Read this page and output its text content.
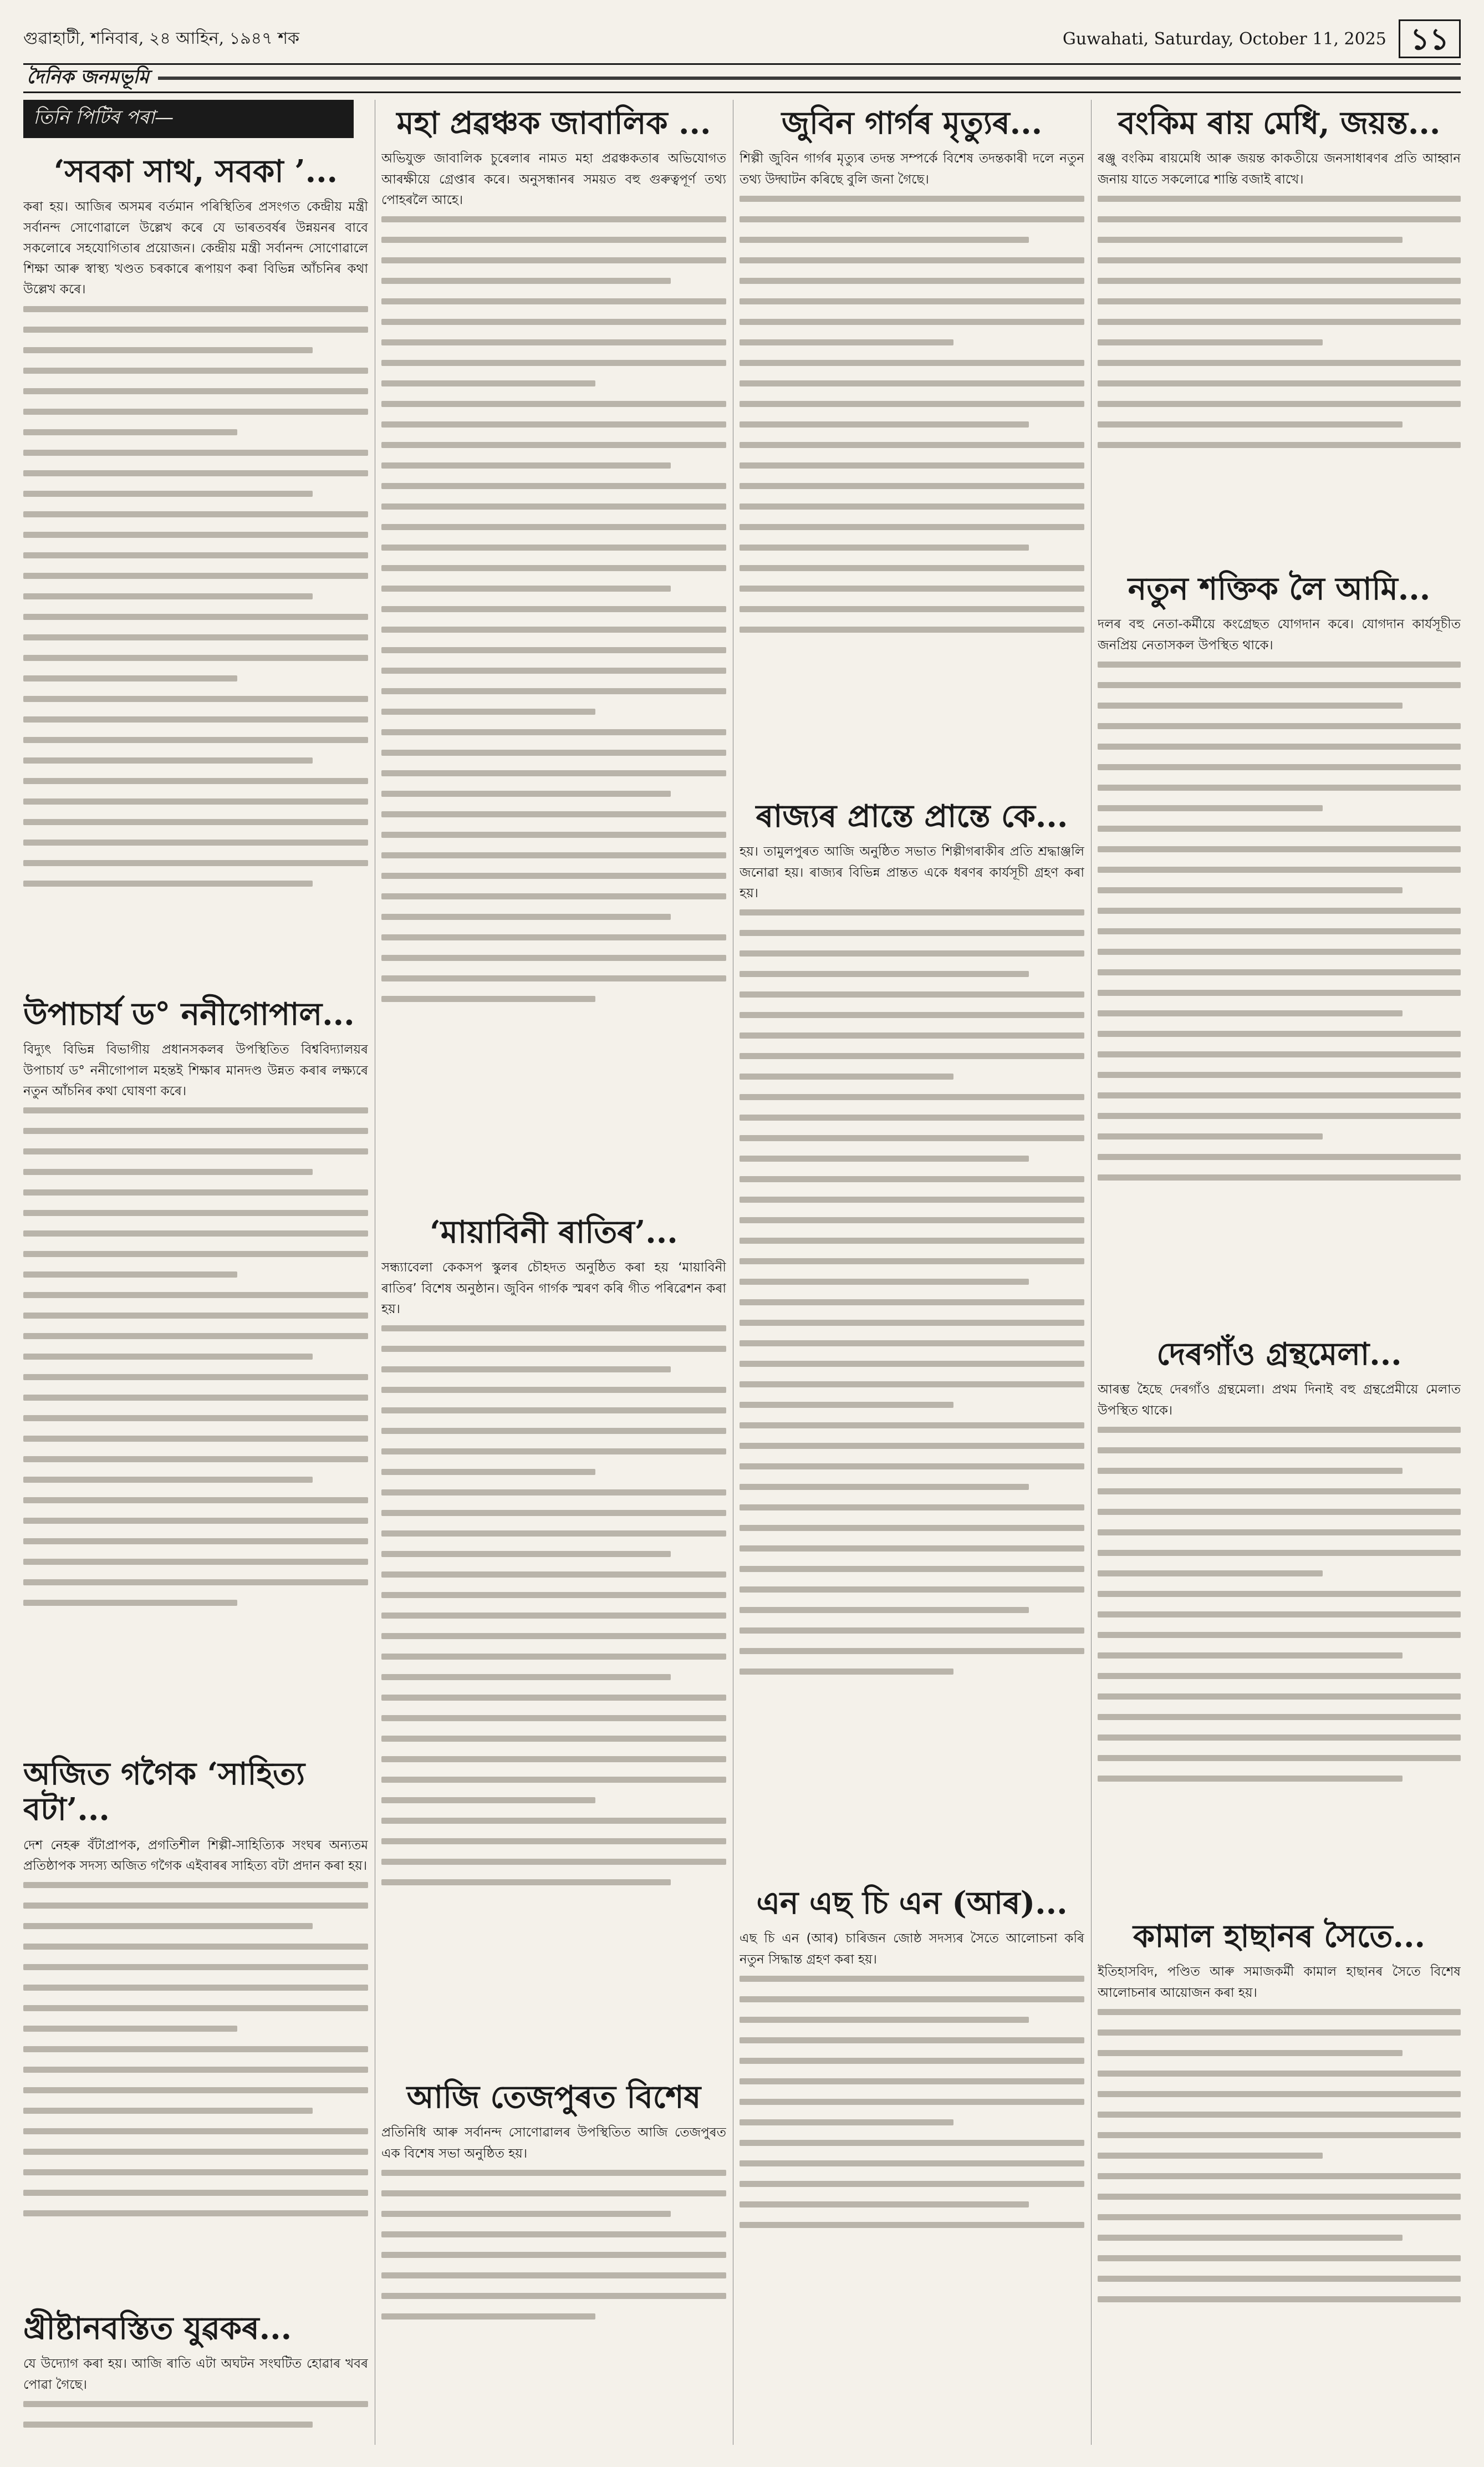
গুৱাহাটী, শনিবাৰ, ২৪ আহিন, ১৯৪৭ শক	Guwahati, Saturday, October 11, 2025 ১১
দৈনিক জনমভূমি
তিনি পিটিৰ পৰা—
‘সবকা সাথ, সবকা ’...

কৰা হয়। আজিৰ অসমৰ বৰ্তমান পৰিস্থিতিৰ প্ৰসংগত কেন্দ্ৰীয় মন্ত্ৰী সৰ্বানন্দ সোণোৱালে উল্লেখ কৰে যে ভাৰতবৰ্ষৰ উন্নয়নৰ বাবে সকলোৰে সহযোগিতাৰ প্ৰয়োজন। কেন্দ্ৰীয় মন্ত্ৰী সৰ্বানন্দ সোণোৱালে শিক্ষা আৰু স্বাস্থ্য খণ্ডত চৰকাৰে ৰূপায়ণ কৰা বিভিন্ন আঁচনিৰ কথা উল্লেখ কৰে।

উপাচাৰ্য ড° ননীগোপাল...

বিদ্যুৎ বিভিন্ন বিভাগীয় প্ৰধানসকলৰ উপস্থিতিত বিশ্ববিদ্যালয়ৰ উপাচাৰ্য ড° ননীগোপাল মহন্তই শিক্ষাৰ মানদণ্ড উন্নত কৰাৰ লক্ষ্যৰে নতুন আঁচনিৰ কথা ঘোষণা কৰে।

অজিত গগৈক ‘সাহিত্য বটা’...

দেশ নেহৰু বঁটাপ্ৰাপক, প্ৰগতিশীল শিল্পী-সাহিত্যিক সংঘৰ অন্যতম প্ৰতিষ্ঠাপক সদস্য অজিত গগৈক এইবাৰৰ সাহিত্য বটা প্ৰদান কৰা হয়।

খ্ৰীষ্টানবস্তিত যুৱকৰ...

যে উদ্যোগ কৰা হয়। আজি ৰাতি এটা অঘটন সংঘটিত হোৱাৰ খবৰ পোৱা গৈছে।

মহা প্ৰৱঞ্চক জাবালিক ...

অভিযুক্ত জাবালিক চুৰেলাৰ নামত মহা প্ৰৱঞ্চকতাৰ অভিযোগত আৰক্ষীয়ে গ্ৰেপ্তাৰ কৰে। অনুসন্ধানৰ সময়ত বহু গুৰুত্বপূৰ্ণ তথ্য পোহৰলৈ আহে।

‘মায়াবিনী ৰাতিৰ’...

সন্ধ্যাবেলা কেকসপ স্কুলৰ চৌহদত অনুষ্ঠিত কৰা হয় ‘মায়াবিনী ৰাতিৰ’ বিশেষ অনুষ্ঠান। জুবিন গাৰ্গক স্মৰণ কৰি গীত পৰিৱেশন কৰা হয়।

আজি তেজপুৰত বিশেষ

প্ৰতিনিধি আৰু সৰ্বানন্দ সোণোৱালৰ উপস্থিতিত আজি তেজপুৰত এক বিশেষ সভা অনুষ্ঠিত হয়।

জুবিন গাৰ্গৰ মৃত্যুৰ...

শিল্পী জুবিন গাৰ্গৰ মৃত্যুৰ তদন্ত সম্পৰ্কে বিশেষ তদন্তকাৰী দলে নতুন তথ্য উদ্ঘাটন কৰিছে বুলি জনা গৈছে।

ৰাজ্যৰ প্ৰান্তে প্ৰান্তে কে...

হয়। তামুলপুৰত আজি অনুষ্ঠিত সভাত শিল্পীগৰাকীৰ প্ৰতি শ্ৰদ্ধাঞ্জলি জনোৱা হয়। ৰাজ্যৰ বিভিন্ন প্ৰান্তত একে ধৰণৰ কাৰ্যসূচী গ্ৰহণ কৰা হয়।

এন এছ চি এন (আৰ)...

এছ চি এন (আৰ) চাৰিজন জোষ্ঠ সদস্যৰ সৈতে আলোচনা কৰি নতুন সিদ্ধান্ত গ্ৰহণ কৰা হয়।

বংকিম ৰায় মেধি, জয়ন্ত...

ৰঞ্জু বংকিম ৰায়মেধি আৰু জয়ন্ত কাকতীয়ে জনসাধাৰণৰ প্ৰতি আহ্বান জনায় যাতে সকলোৱে শান্তি বজাই ৰাখে।

নতুন শক্তিক লৈ আমি...

দলৰ বহু নেতা-কৰ্মীয়ে কংগ্ৰেছত যোগদান কৰে। যোগদান কাৰ্যসূচীত জনপ্ৰিয় নেতাসকল উপস্থিত থাকে।

দেৰগাঁও গ্ৰন্থমেলা...

আৰম্ভ হৈছে দেৰগাঁও গ্ৰন্থমেলা। প্ৰথম দিনাই বহু গ্ৰন্থপ্ৰেমীয়ে মেলাত উপস্থিত থাকে।

কামাল হাছানৰ সৈতে...

ইতিহাসবিদ, পণ্ডিত আৰু সমাজকৰ্মী কামাল হাছানৰ সৈতে বিশেষ আলোচনাৰ আয়োজন কৰা হয়।
